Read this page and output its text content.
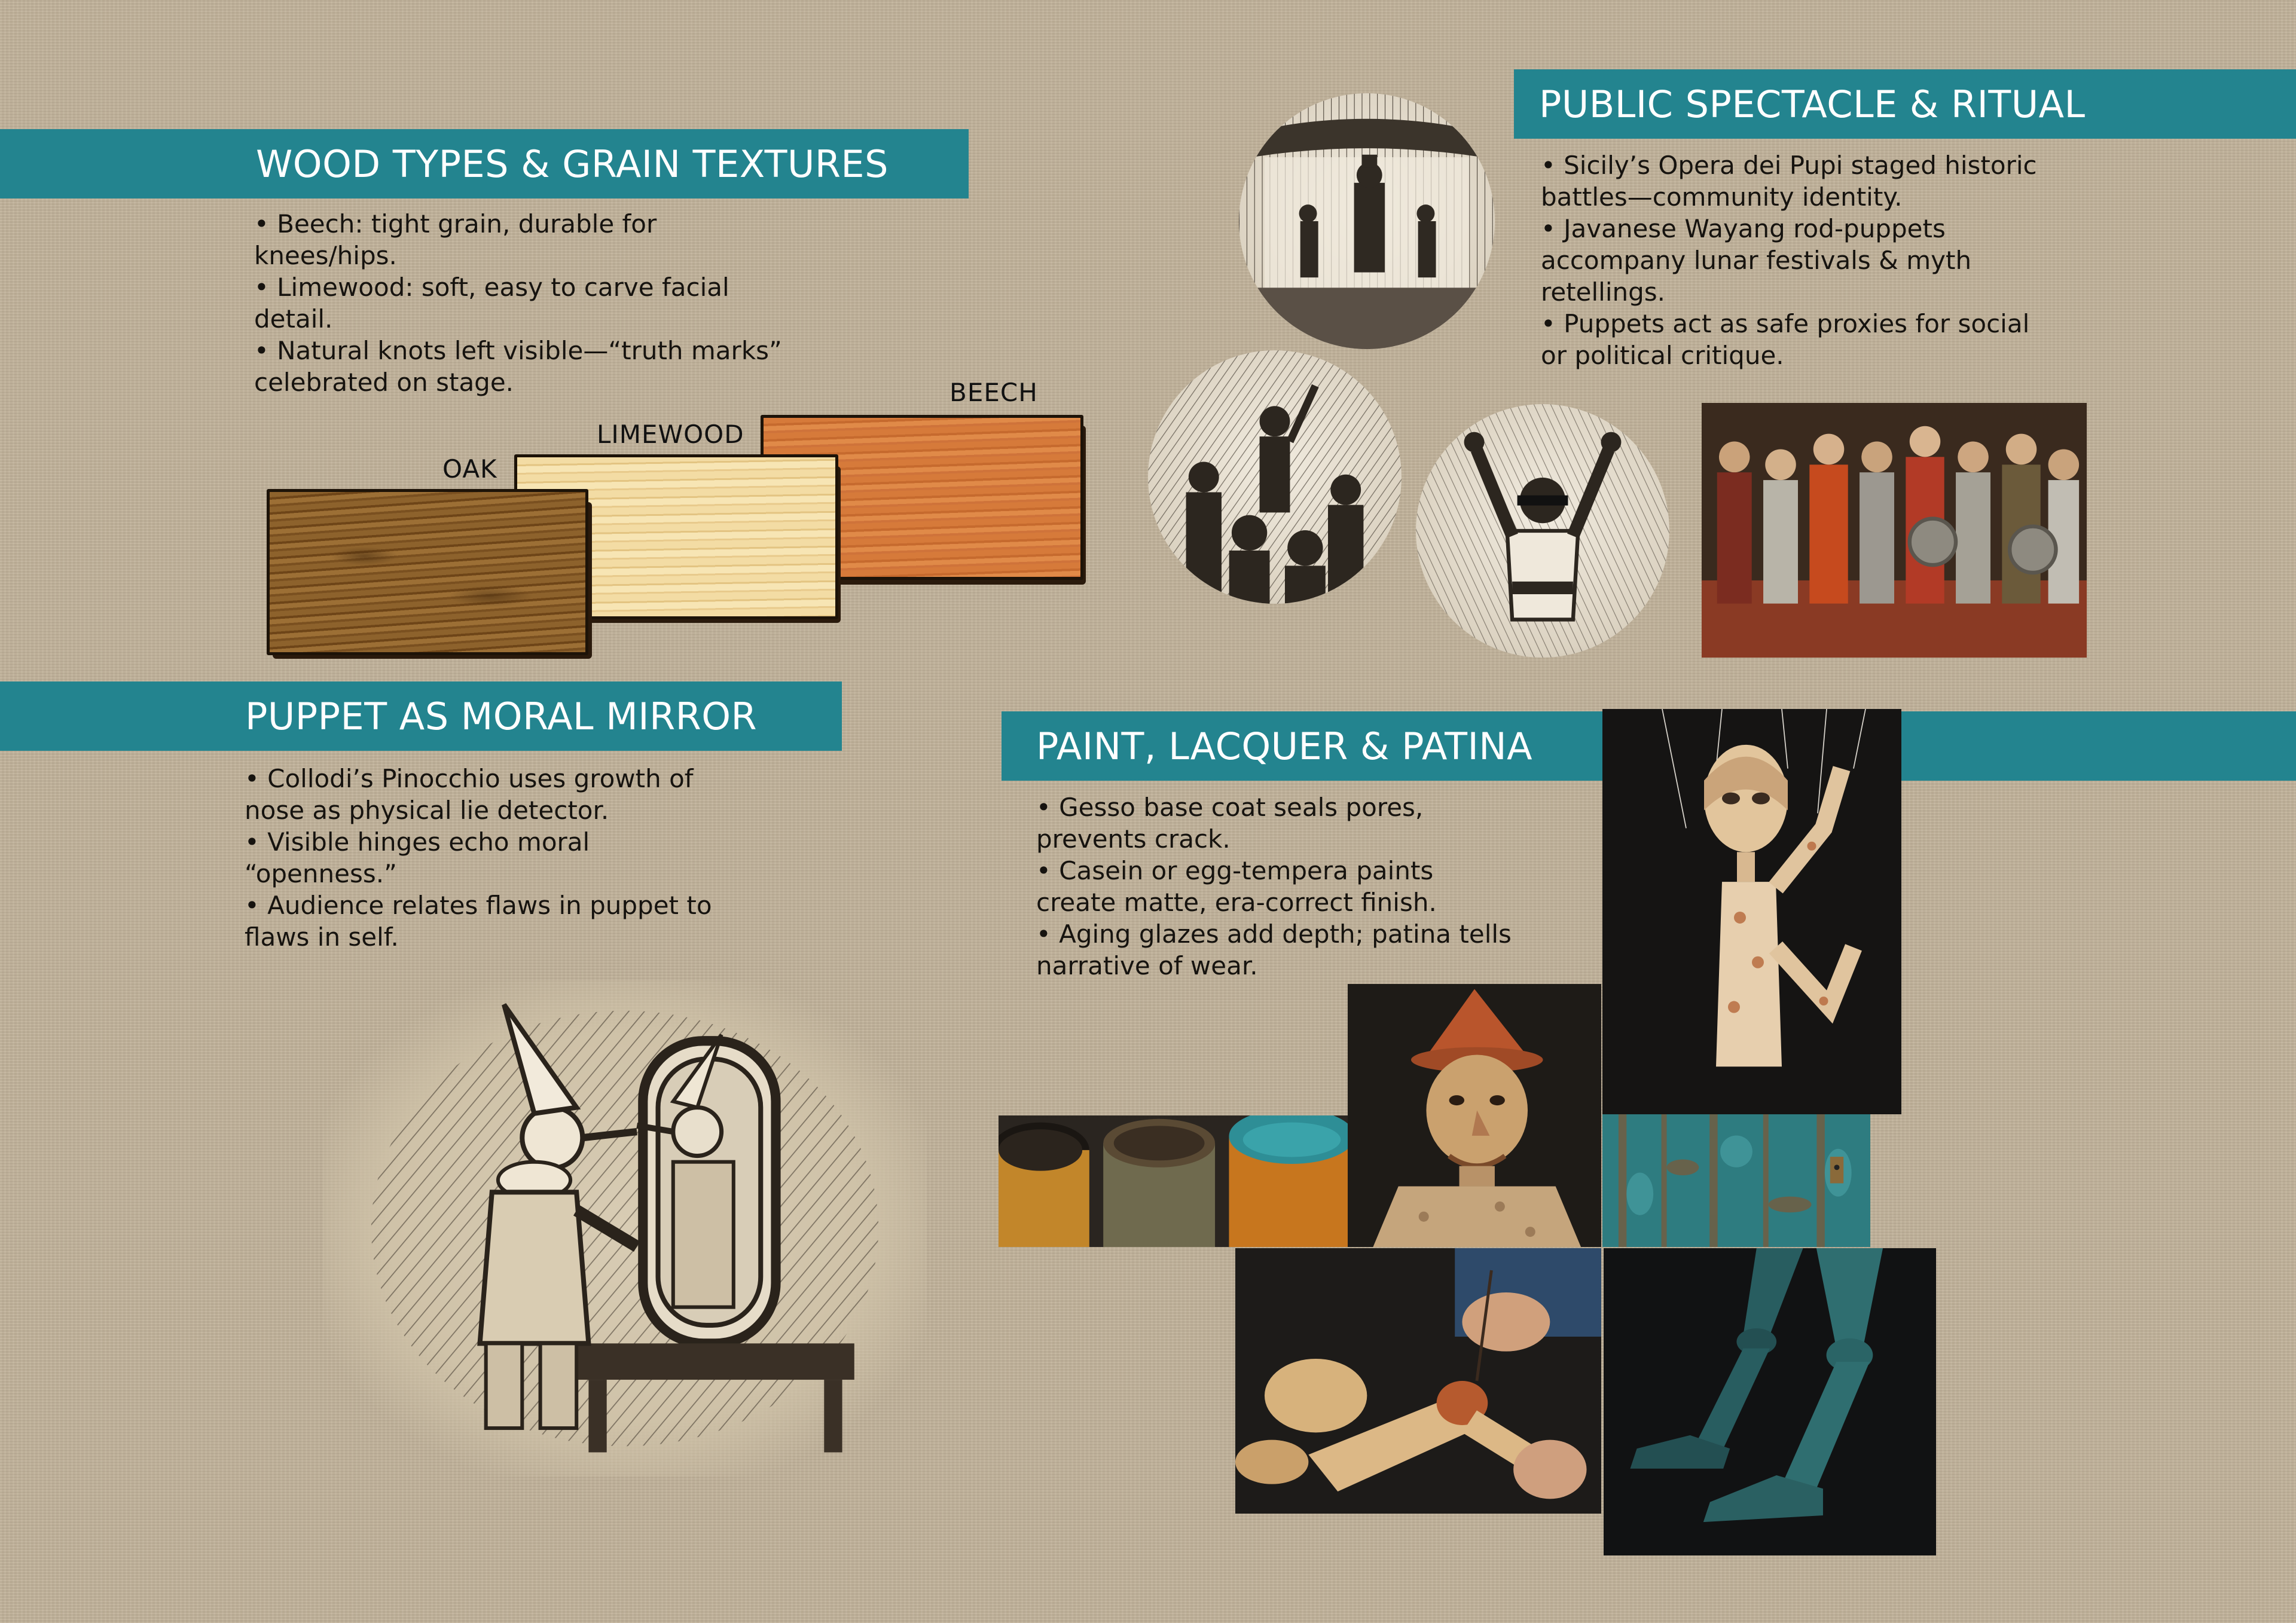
WOOD TYPES & GRAIN TEXTURES
• Beech: tight grain, durable for
knees/hips.
• Limewood: soft, easy to carve facial
detail.
• Natural knots left visible—“truth marks”
celebrated on stage.	BEECH
LIMEWOOD
OAK
PUBLIC SPECTACLE & RITUAL
• Sicily’s Opera dei Pupi staged historic
battles—community identity.
• Javanese Wayang rod-puppets
accompany lunar festivals & myth
retellings.
• Puppets act as safe proxies for social
or political critique.
PUPPET AS MORAL MIRROR
• Collodi’s Pinocchio uses growth of
nose as physical lie detector.
• Visible hinges echo moral
“openness.”
• Audience relates flaws in puppet to
flaws in self.
PAINT, LACQUER & PATINA
• Gesso base coat seals pores,
prevents crack.
• Casein or egg-tempera paints
create matte, era-correct finish.
• Aging glazes add depth; patina tells
narrative of wear.
